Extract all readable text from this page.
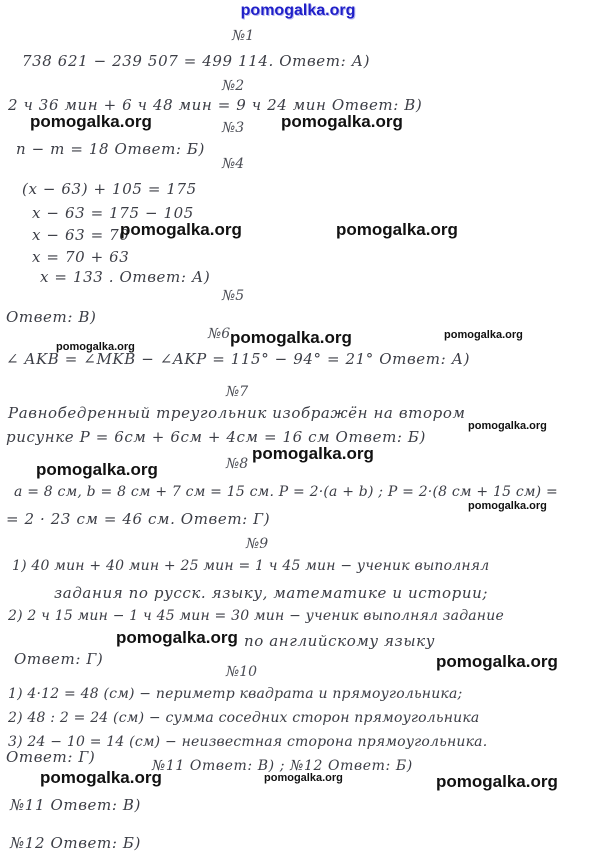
pomogalka.org
№1
738 621 − 239 507 = 499 114. Ответ: А)
№2
2 ч 36 мин + 6 ч 48 мин = 9 ч 24 мин Ответ: В)
№3
n − m = 18 Ответ: Б)
№4
(x − 63) + 105 = 175
x − 63 = 175 − 105
x − 63 = 70
x = 70 + 63
x = 133 . Ответ: А)
№5
Ответ: В)
№6
∠ AKB = ∠MKB − ∠AKP = 115° − 94° = 21° Ответ: А)
№7
Равнобедренный треугольник изображён на втором
рисунке P = 6см + 6см + 4см = 16 см Ответ: Б)
№8
a = 8 см, b = 8 см + 7 см = 15 см. P = 2·(a + b) ; P = 2·(8 см + 15 см) =
= 2 · 23 см = 46 см. Ответ: Г)
№9
1) 40 мин + 40 мин + 25 мин = 1 ч 45 мин − ученик выполнял
задания по русск. языку, математике и истории;
2) 2 ч 15 мин − 1 ч 45 мин = 30 мин − ученик выполнял задание
по английскому языку
Ответ: Г)
№10
1) 4·12 = 48 (см) − периметр квадрата и прямоугольника;
2) 48 : 2 = 24 (см) − сумма соседних сторон прямоугольника
3) 24 − 10 = 14 (см) − неизвестная сторона прямоугольника.
Ответ: Г)	№11 Ответ: В) ; №12 Ответ: Б)
№11 Ответ: В)
№12 Ответ: Б)
pomogalka.org	pomogalka.org
pomogalka.org	pomogalka.org
pomogalka.org	pomogalka.org
pomogalka.org
pomogalka.org
pomogalka.org
pomogalka.org
pomogalka.org
pomogalka.org
pomogalka.org
pomogalka.org	pomogalka.org	pomogalka.org
